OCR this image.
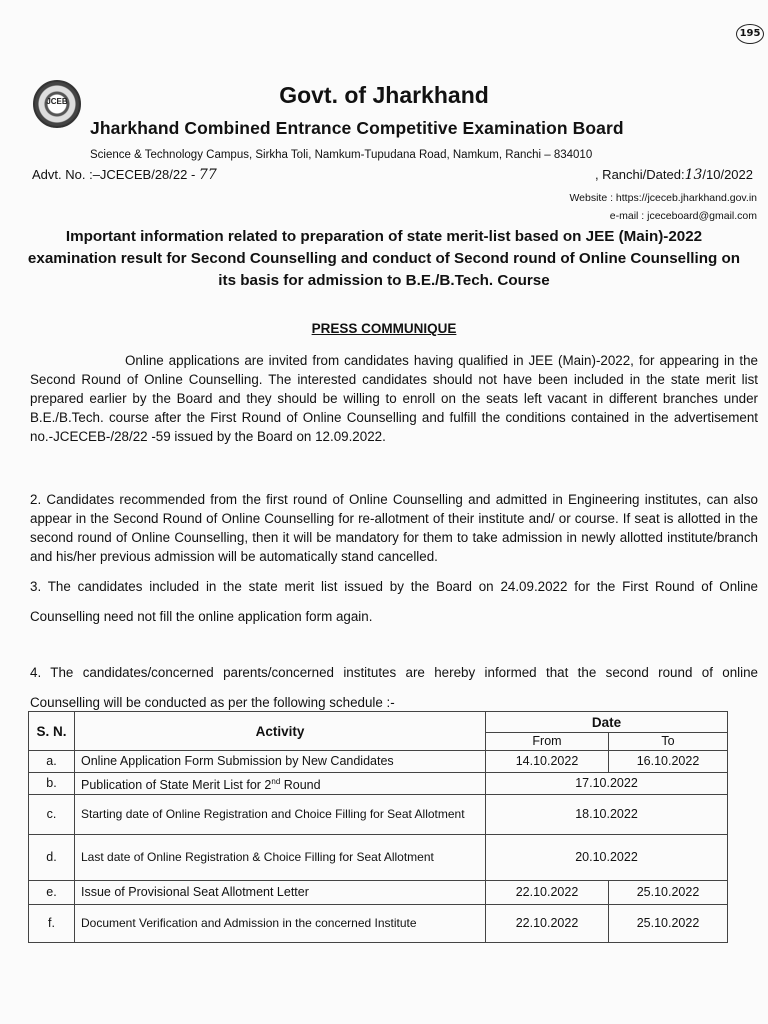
195
JCEB	Govt. of Jharkhand
Jharkhand Combined Entrance Competitive Examination Board
Science & Technology Campus, Sirkha Toli, Namkum-Tupudana Road, Namkum, Ranchi – 834010
Advt. No. :–JCECEB/28/22 - 77	, Ranchi/Dated:13/10/2022
Website : https://jceceb.jharkhand.gov.in
e-mail : jceceboard@gmail.com
Important information related to preparation of state merit-list based on JEE (Main)-2022 examination result for Second Counselling and conduct of Second round of Online Counselling on its basis for admission to B.E./B.Tech. Course
PRESS COMMUNIQUE
Online applications are invited from candidates having qualified in JEE (Main)-2022, for appearing in the Second Round of Online Counselling. The interested candidates should not have been included in the state merit list prepared earlier by the Board and they should be willing to enroll on the seats left vacant in different branches under B.E./B.Tech. course after the First Round of Online Counselling and fulfill the conditions contained in the advertisement no.-JCECEB-/28/22 -59 issued by the Board on 12.09.2022.
2. Candidates recommended from the first round of Online Counselling and admitted in Engineering institutes, can also appear in the Second Round of Online Counselling for re-allotment of their institute and/ or course. If seat is allotted in the second round of Online Counselling, then it will be mandatory for them to take admission in newly allotted institute/branch and his/her previous admission will be automatically stand cancelled.
3. The candidates included in the state merit list issued by the Board on 24.09.2022 for the First Round of Online Counselling need not fill the online application form again.
4. The candidates/concerned parents/concerned institutes are hereby informed that the second round of online Counselling will be conducted as per the following schedule :-
S. N.	Activity	Date	
		From	To
a.	Online Application Form Submission by New Candidates	14.10.2022	16.10.2022
b.	Publication of State Merit List for 2nd Round	17.10.2022	
c.	Starting date of Online Registration and Choice Filling for Seat Allotment	18.10.2022	
d.	Last date of Online Registration & Choice Filling for Seat Allotment	20.10.2022	
e.	Issue of Provisional Seat Allotment Letter	22.10.2022	25.10.2022
f.	Document Verification and Admission in the concerned Institute	22.10.2022	25.10.2022
